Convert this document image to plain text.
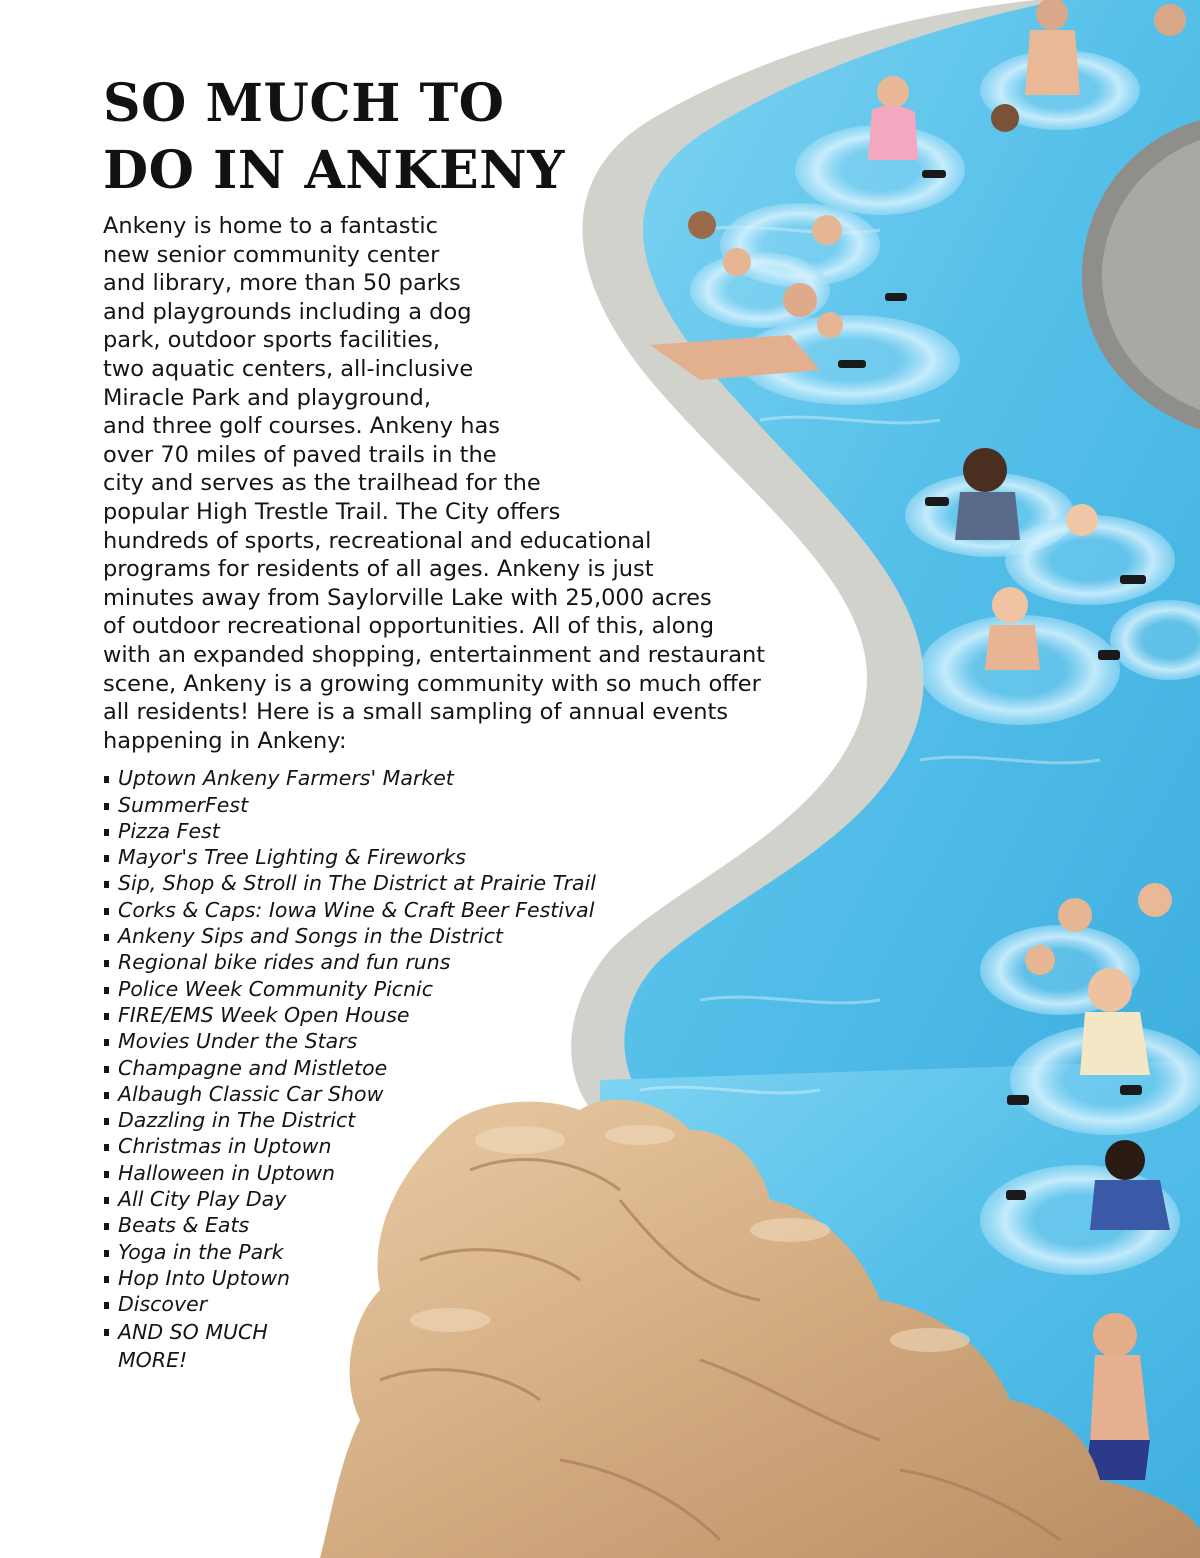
SO MUCH TO
DO IN ANKENY

Ankeny is home to a fantastic
new senior community center
and library, more than 50 parks
and playgrounds including a dog
park, outdoor sports facilities,
two aquatic centers, all-inclusive
Miracle Park and playground,
and three golf courses. Ankeny has
over 70 miles of paved trails in the
city and serves as the trailhead for the
popular High Trestle Trail. The City offers
hundreds of sports, recreational and educational
programs for residents of all ages. Ankeny is just
minutes away from Saylorville Lake with 25,000 acres
of outdoor recreational opportunities. All of this, along
with an expanded shopping, entertainment and restaurant
scene, Ankeny is a growing community with so much offer
all residents! Here is a small sampling of annual events
happening in Ankeny:

Uptown Ankeny Farmers' Market
SummerFest
Pizza Fest
Mayor's Tree Lighting & Fireworks
Sip, Shop & Stroll in The District at Prairie Trail
Corks & Caps: Iowa Wine & Craft Beer Festival
Ankeny Sips and Songs in the District
Regional bike rides and fun runs
Police Week Community Picnic
FIRE/EMS Week Open House
Movies Under the Stars
Champagne and Mistletoe
Albaugh Classic Car Show
Dazzling in The District
Christmas in Uptown
Halloween in Uptown
All City Play Day
Beats & Eats
Yoga in the Park
Hop Into Uptown
Discover
AND SO MUCH MORE!
